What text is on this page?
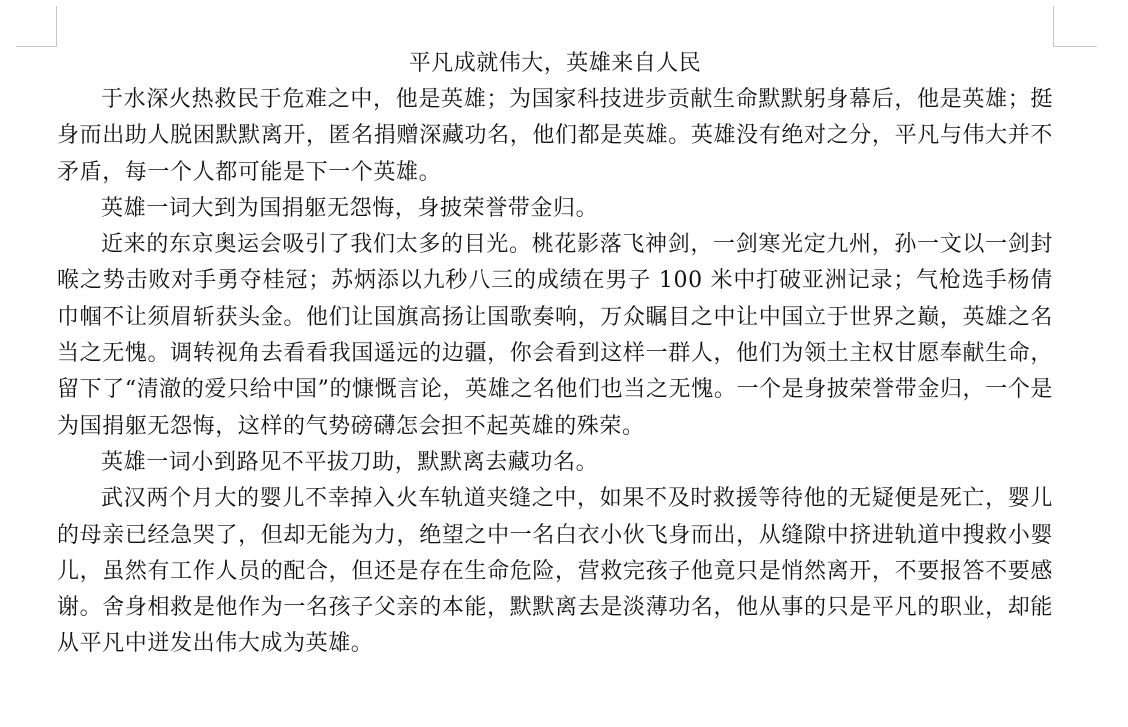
平凡成就伟大，英雄来自人民

于水深火热救民于危难之中，他是英雄；为国家科技进步贡献生命默默躬身幕后，他是英雄；挺身而出助人脱困默默离开，匿名捐赠深藏功名，他们都是英雄。英雄没有绝对之分，平凡与伟大并不矛盾，每一个人都可能是下一个英雄。

英雄一词大到为国捐躯无怨悔，身披荣誉带金归。

近来的东京奥运会吸引了我们太多的目光。桃花影落飞神剑，一剑寒光定九州，孙一文以一剑封喉之势击败对手勇夺桂冠；苏炳添以九秒八三的成绩在男子 100 米中打破亚洲记录；气枪选手杨倩巾帼不让须眉斩获头金。他们让国旗高扬让国歌奏响，万众瞩目之中让中国立于世界之巅，英雄之名当之无愧。调转视角去看看我国遥远的边疆，你会看到这样一群人，他们为领土主权甘愿奉献生命，留下了“清澈的爱只给中国”的慷慨言论，英雄之名他们也当之无愧。一个是身披荣誉带金归，一个是为国捐躯无怨悔，这样的气势磅礴怎会担不起英雄的殊荣。

英雄一词小到路见不平拔刀助，默默离去藏功名。

武汉两个月大的婴儿不幸掉入火车轨道夹缝之中，如果不及时救援等待他的无疑便是死亡，婴儿的母亲已经急哭了，但却无能为力，绝望之中一名白衣小伙飞身而出，从缝隙中挤进轨道中搜救小婴儿，虽然有工作人员的配合，但还是存在生命危险，营救完孩子他竟只是悄然离开，不要报答不要感谢。舍身相救是他作为一名孩子父亲的本能，默默离去是淡薄功名，他从事的只是平凡的职业，却能从平凡中迸发出伟大成为英雄。
